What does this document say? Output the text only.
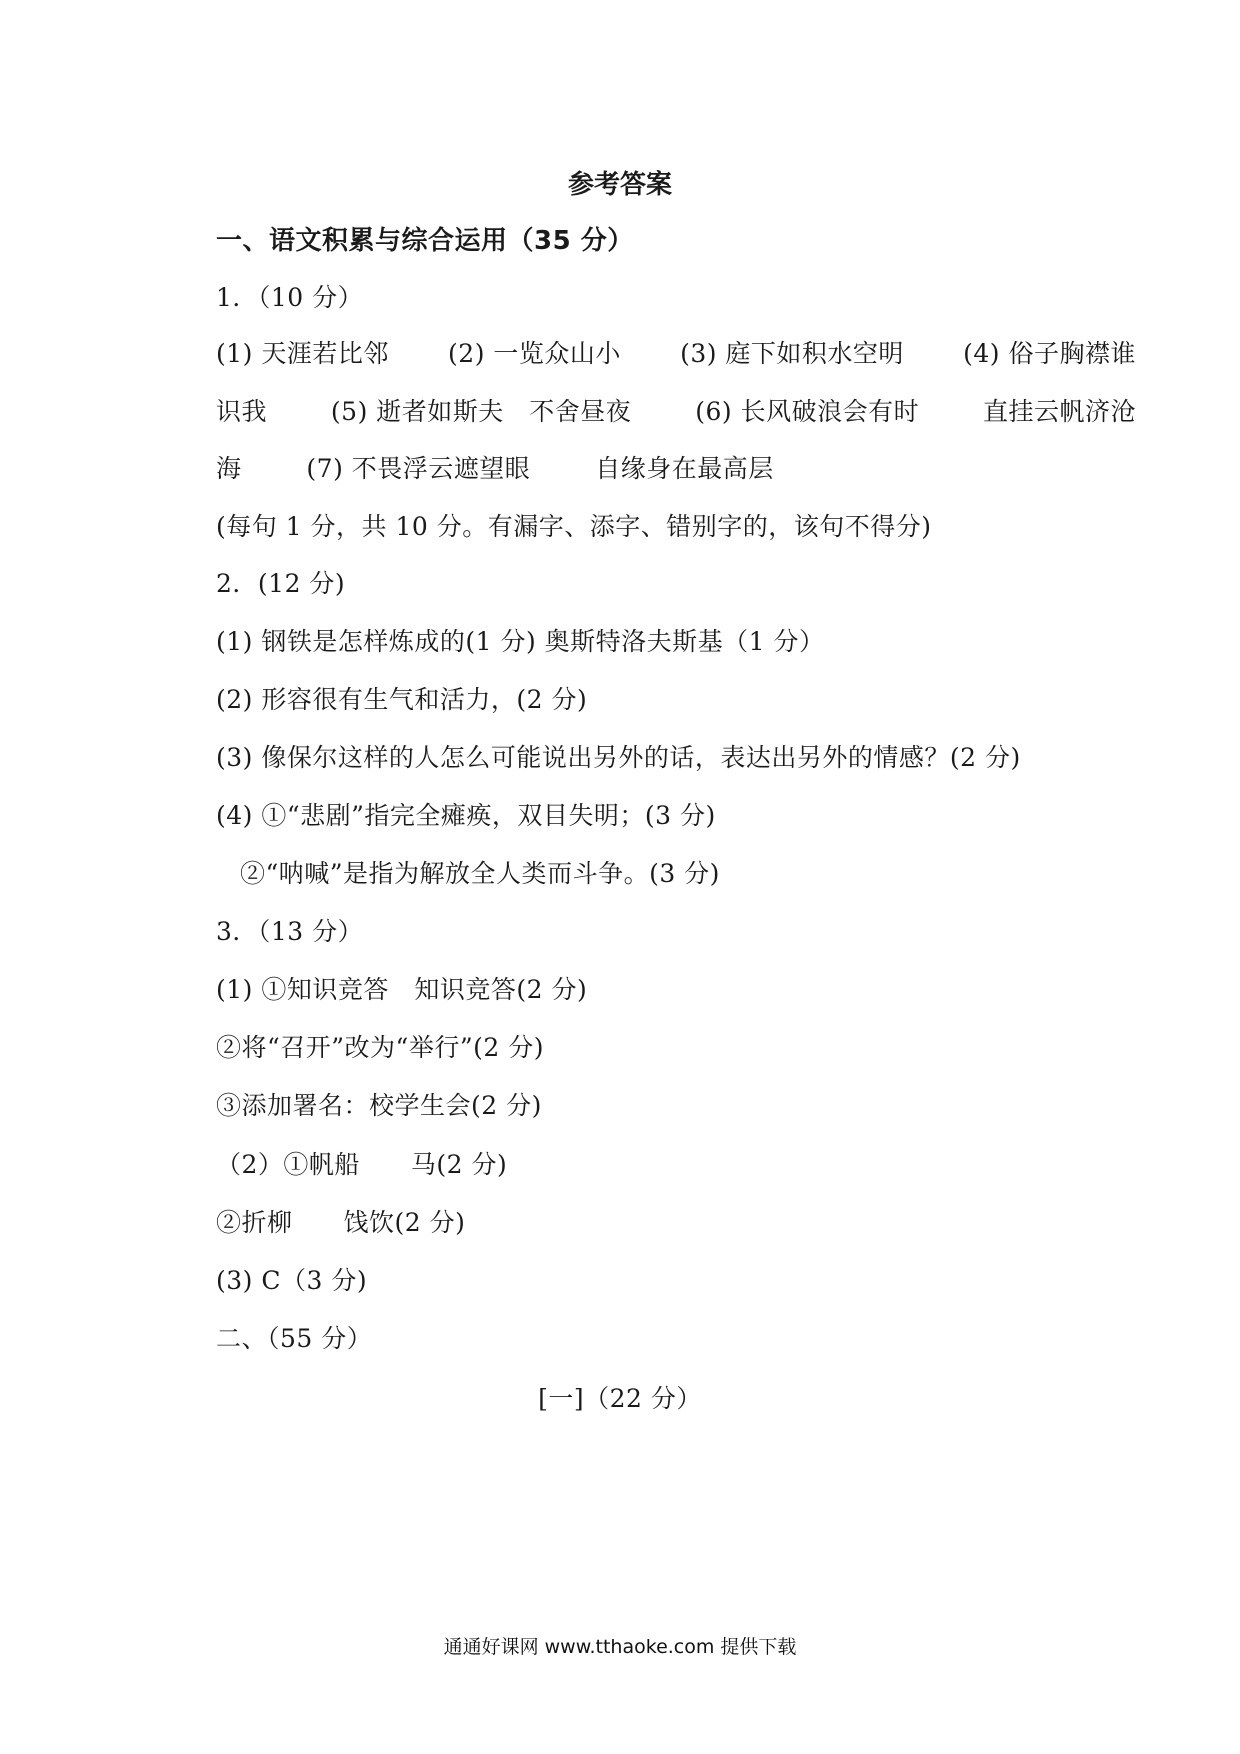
参考答案
一、语文积累与综合运用（35 分）
1．（10 分）
(1) 天涯若比邻 (2) 一览众山小 (3) 庭下如积水空明 (4) 俗子胸襟谁
识我	(5) 逝者如斯夫　不舍昼夜	(6) 长风破浪会有时	直挂云帆济沧
海	(7) 不畏浮云遮望眼	自缘身在最高层
(每句 1 分，共 10 分。有漏字、添字、错别字的，该句不得分)
2．(12 分)
(1) 钢铁是怎样炼成的(1 分) 奥斯特洛夫斯基（1 分）
(2) 形容很有生气和活力，(2 分)
(3) 像保尔这样的人怎么可能说出另外的话，表达出另外的情感？(2 分)
(4) ①“悲剧”指完全瘫痪，双目失明；(3 分)
②“呐喊”是指为解放全人类而斗争。(3 分)
3．（13 分）
(1) ①知识竞答　知识竞答(2 分)
②将“召开”改为“举行”(2 分)
③添加署名：校学生会(2 分)
（2）①帆船　　马(2 分)
②折柳　　饯饮(2 分)
(3) C（3 分)
二、（55 分）
[一]（22 分）
通通好课网 www.tthaoke.com 提供下载
